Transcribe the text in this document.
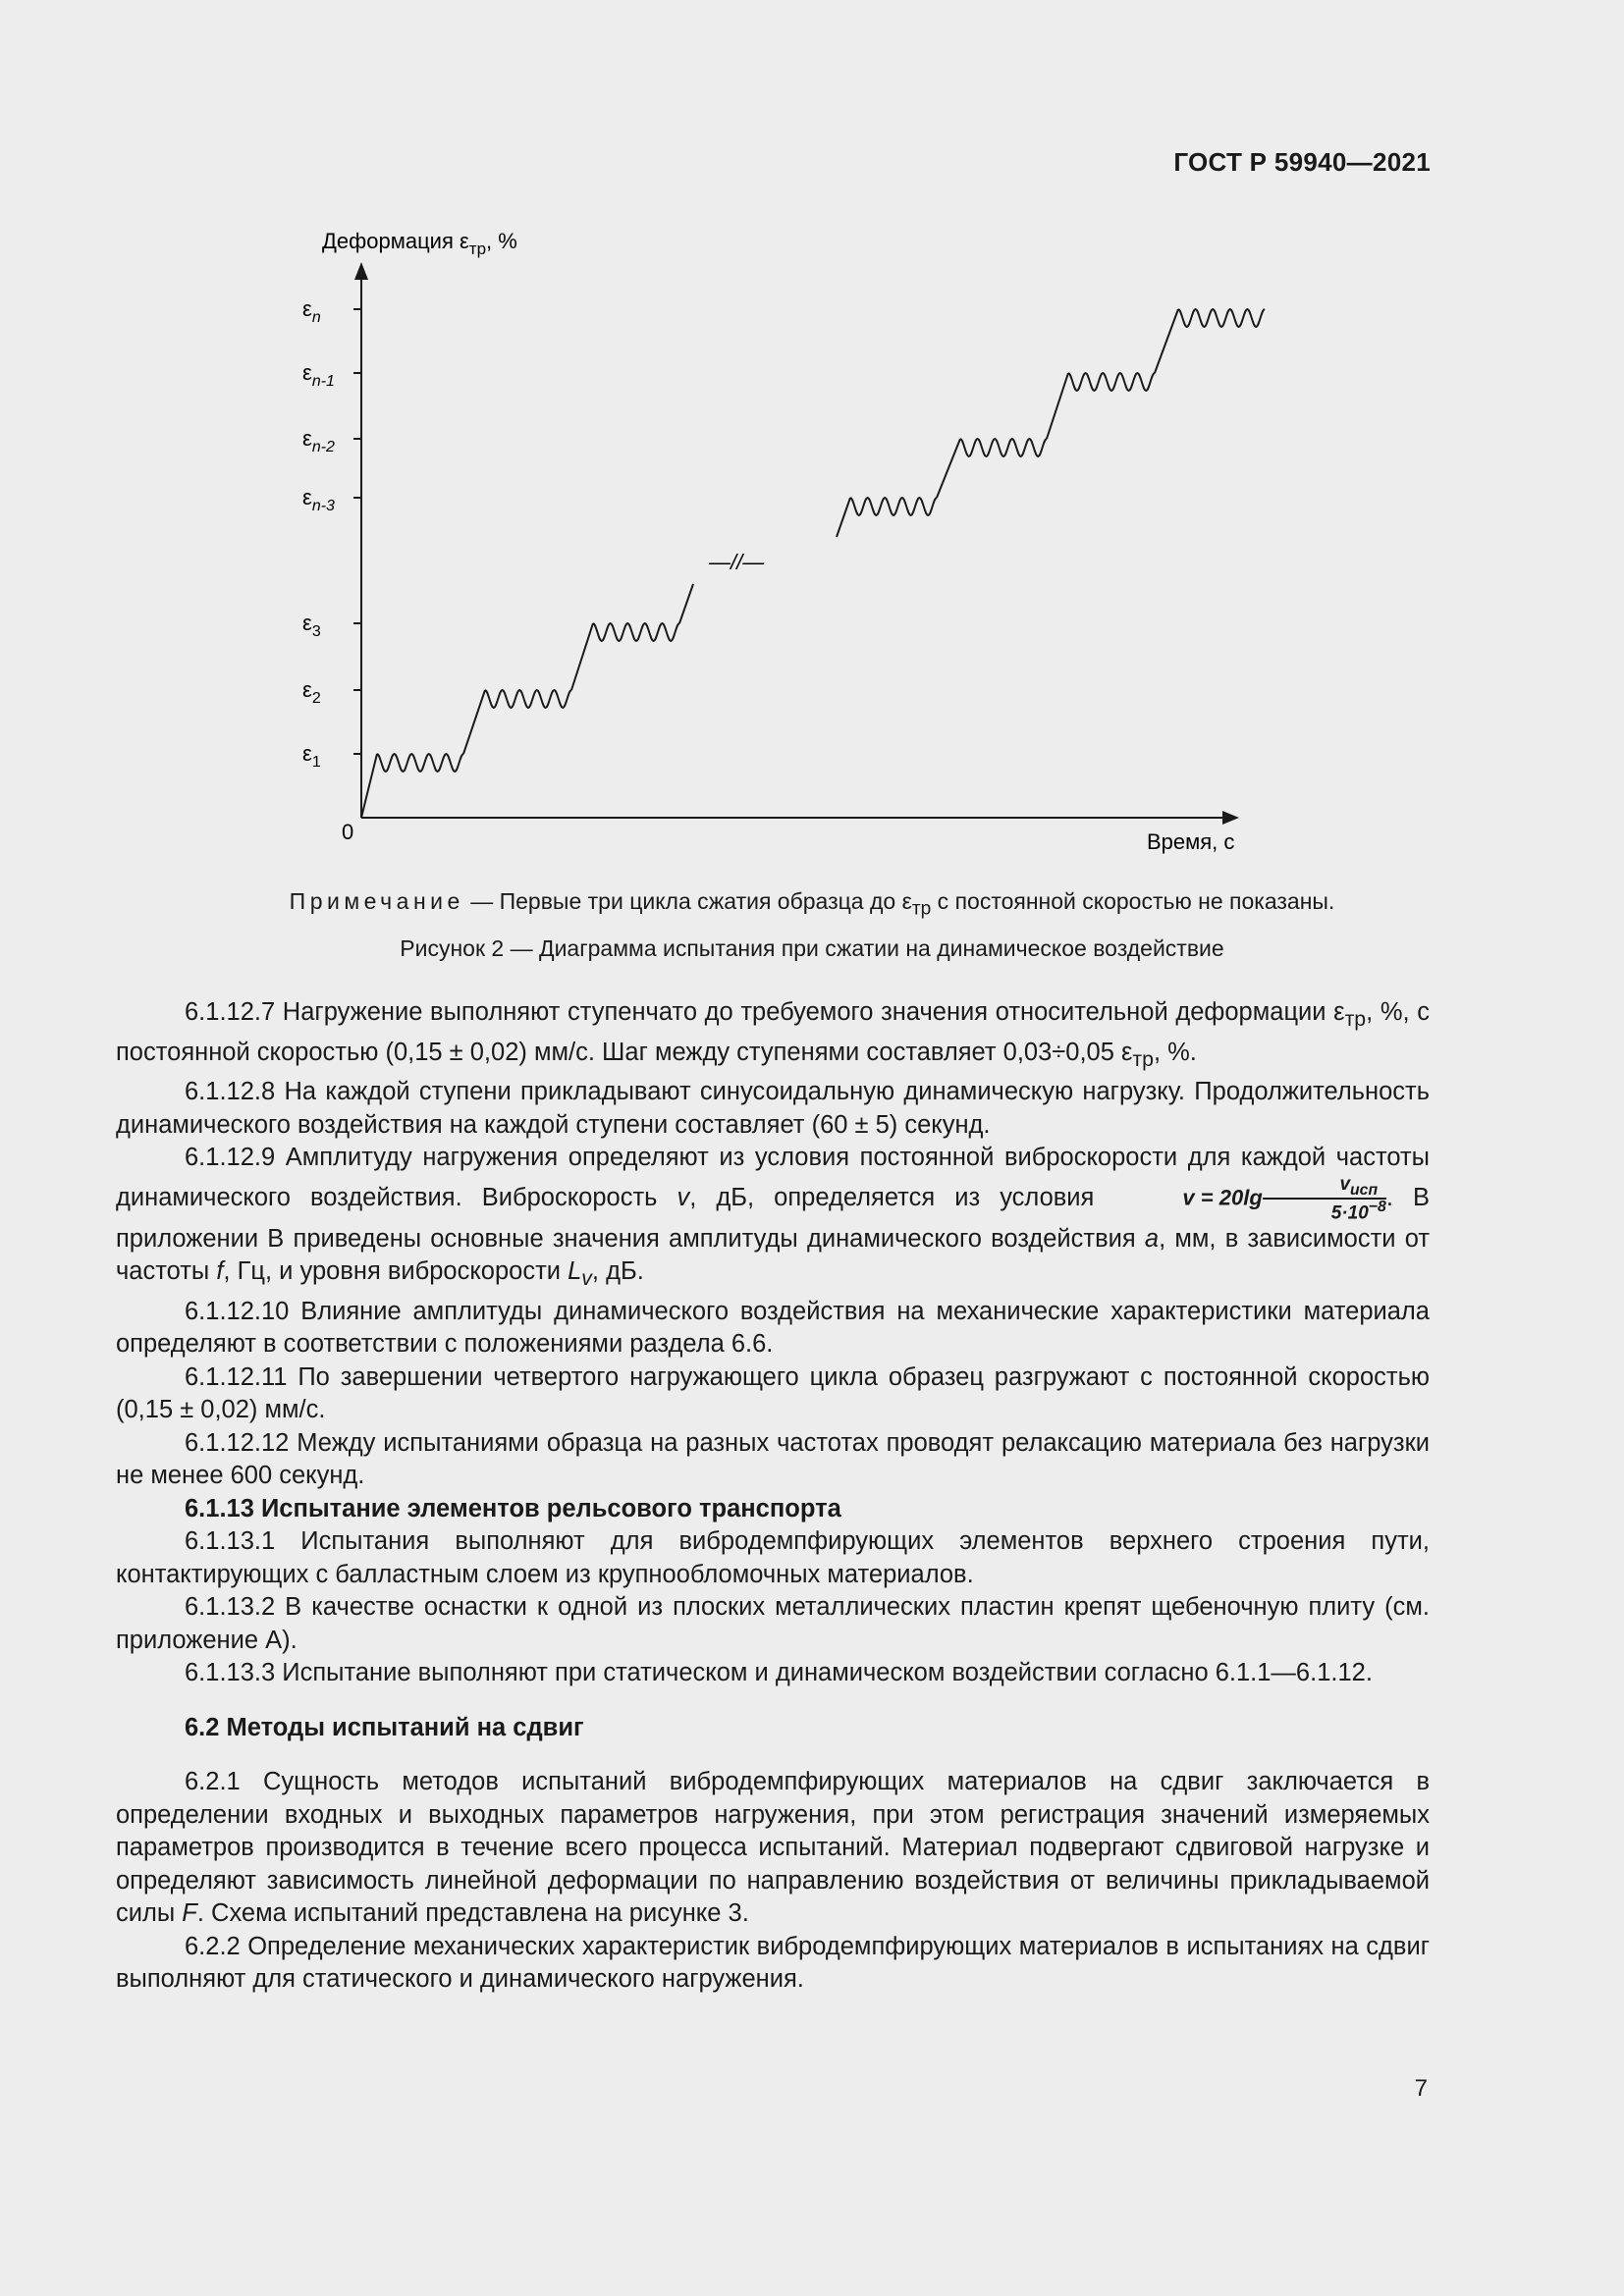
ГОСТ Р 59940—2021
$\varepsilon_1$
$\varepsilon_2$
$\varepsilon_3$
$\varepsilon_{n-3}$
$\varepsilon_{n-2}$
$\varepsilon_{n-1}$
$\varepsilon_n$
Деформация $\varepsilon_{тр}$, %
Время, с
0
—//—
Примечание — Первые три цикла сжатия образца до $\varepsilon_{тр}$ с постоянной скоростью не показаны.
Рисунок 2 — Диаграмма испытания при сжатии на динамическое воздействие

6.1.12.7 Нагружение выполняют ступенчато до требуемого значения относительной деформации $\varepsilon_{тр}$, %, с постоянной скоростью (0,15 ± 0,02) мм/с. Шаг между ступенями составляет 0,03÷0,05 $\varepsilon_{тр}$, %.

6.1.12.8 На каждой ступени прикладывают синусоидальную динамическую нагрузку. Продолжительность динамического воздействия на каждой ступени составляет (60 ± 5) секунд.

6.1.12.9 Амплитуду нагружения определяют из условия постоянной виброскорости для каждой частоты динамического воздействия. Виброскорость v, дБ, определяется из условия	$v = 20\lg \frac{v_{исп}}{5\cdot 10^{-8}}$ . В приложении В приведены основные значения амплитуды динамического воздействия a, мм, в зависимости от частоты f, Гц, и уровня виброскорости $L_v$, дБ.

6.1.12.10 Влияние амплитуды динамического воздействия на механические характеристики материала определяют в соответствии с положениями раздела 6.6.

6.1.12.11 По завершении четвертого нагружающего цикла образец разгружают с постоянной скоростью (0,15 ± 0,02) мм/с.

6.1.12.12 Между испытаниями образца на разных частотах проводят релаксацию материала без нагрузки не менее 600 секунд.

6.1.13 Испытание элементов рельсового транспорта

6.1.13.1 Испытания выполняют для вибродемпфирующих элементов верхнего строения пути, контактирующих с балластным слоем из крупнообломочных материалов.

6.1.13.2 В качестве оснастки к одной из плоских металлических пластин крепят щебеночную плиту (см. приложение А).

6.1.13.3 Испытание выполняют при статическом и динамическом воздействии согласно 6.1.1—6.1.12.

6.2 Методы испытаний на сдвиг

6.2.1 Сущность методов испытаний вибродемпфирующих материалов на сдвиг заключается в определении входных и выходных параметров нагружения, при этом регистрация значений измеряемых параметров производится в течение всего процесса испытаний. Материал подвергают сдвиговой нагрузке и определяют зависимость линейной деформации по направлению воздействия от величины прикладываемой силы F. Схема испытаний представлена на рисунке 3.

6.2.2 Определение механических характеристик вибродемпфирующих материалов в испытаниях на сдвиг выполняют для статического и динамического нагружения.

7
